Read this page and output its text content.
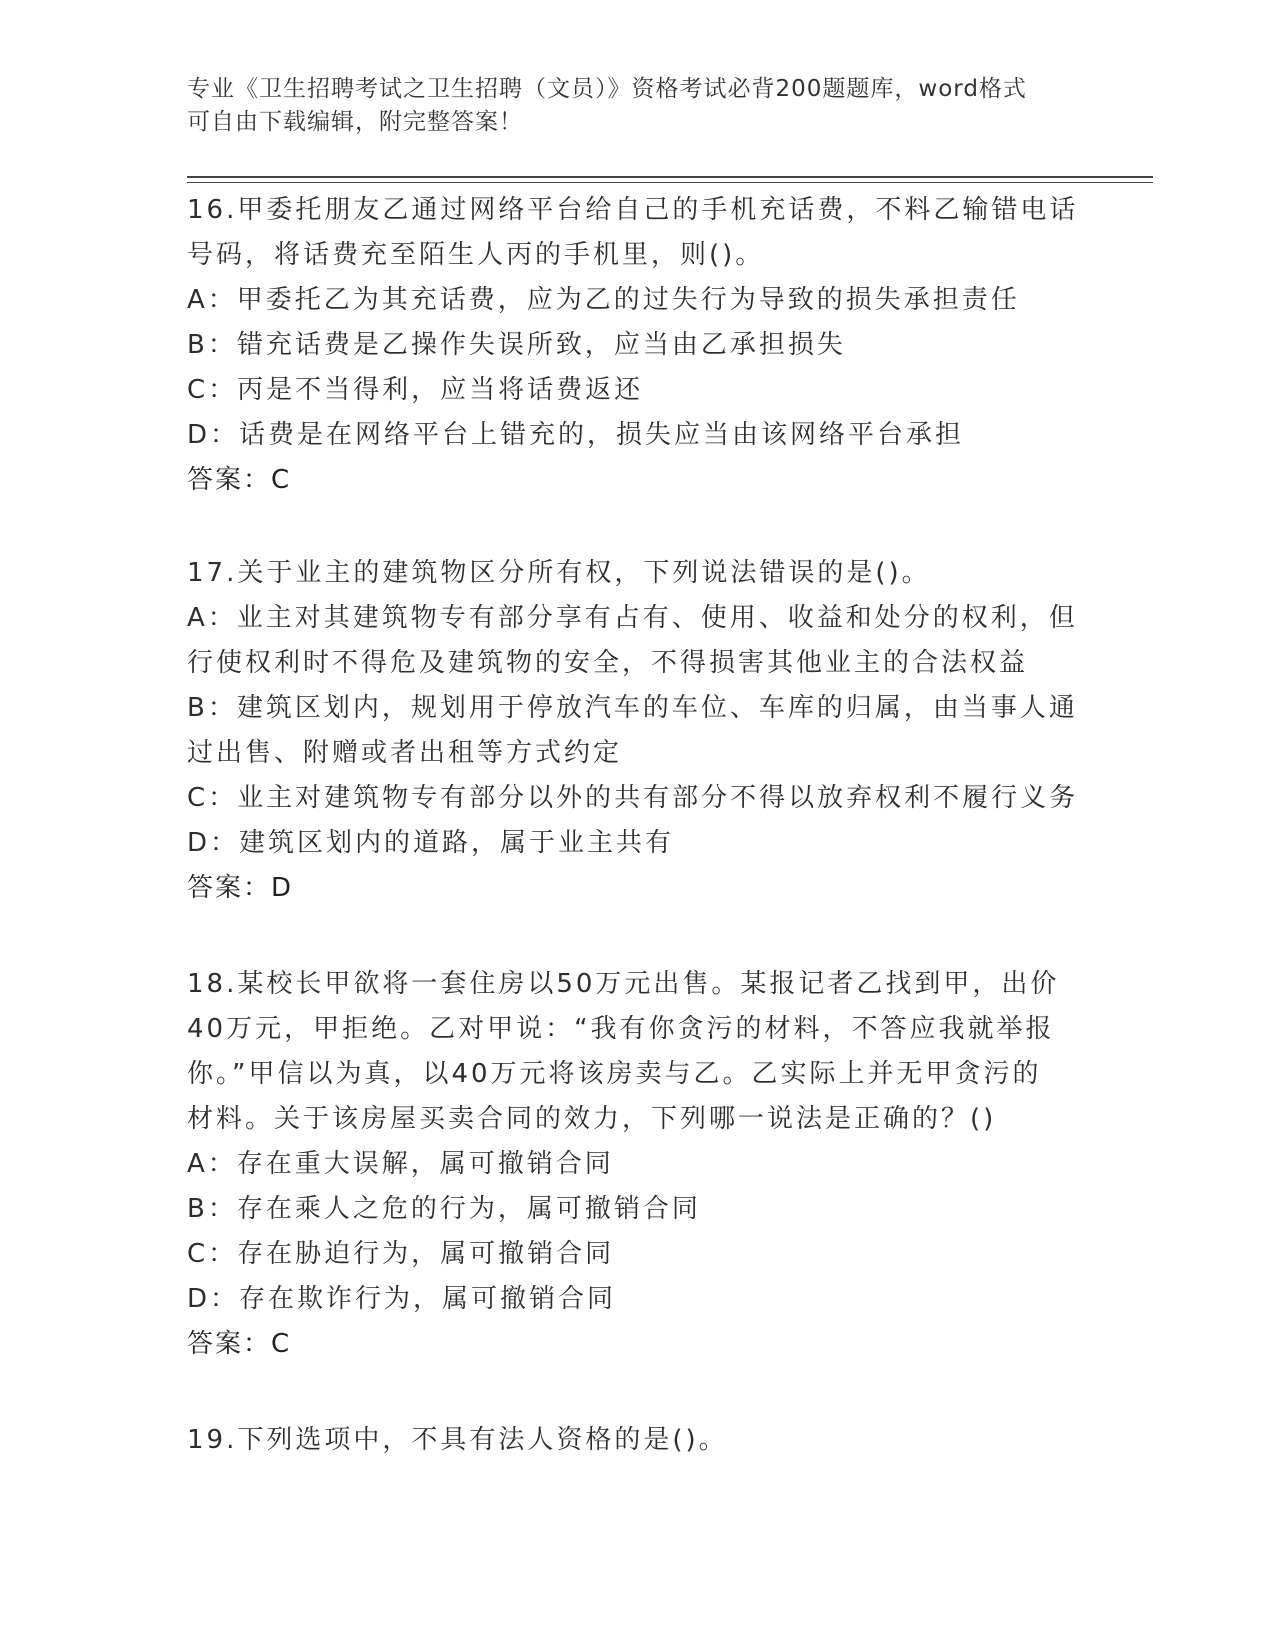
专业《卫生招聘考试之卫生招聘（文员）》资格考试必背200题题库，word格式
可自由下载编辑，附完整答案！
16.甲委托朋友乙通过网络平台给自己的手机充话费，不料乙输错电话
号码，将话费充至陌生人丙的手机里，则()。
A：甲委托乙为其充话费，应为乙的过失行为导致的损失承担责任
B：错充话费是乙操作失误所致，应当由乙承担损失
C：丙是不当得利，应当将话费返还
D：话费是在网络平台上错充的，损失应当由该网络平台承担
答案：C
17.关于业主的建筑物区分所有权，下列说法错误的是()。
A：业主对其建筑物专有部分享有占有、使用、收益和处分的权利，但
行使权利时不得危及建筑物的安全，不得损害其他业主的合法权益
B：建筑区划内，规划用于停放汽车的车位、车库的归属，由当事人通
过出售、附赠或者出租等方式约定
C：业主对建筑物专有部分以外的共有部分不得以放弃权利不履行义务
D：建筑区划内的道路，属于业主共有
答案：D
18.某校长甲欲将一套住房以50万元出售。某报记者乙找到甲，出价
40万元，甲拒绝。乙对甲说：“我有你贪污的材料，不答应我就举报
你。”甲信以为真，以40万元将该房卖与乙。乙实际上并无甲贪污的
材料。关于该房屋买卖合同的效力，下列哪一说法是正确的？()
A：存在重大误解，属可撤销合同
B：存在乘人之危的行为，属可撤销合同
C：存在胁迫行为，属可撤销合同
D：存在欺诈行为，属可撤销合同
答案：C
19.下列选项中，不具有法人资格的是()。
